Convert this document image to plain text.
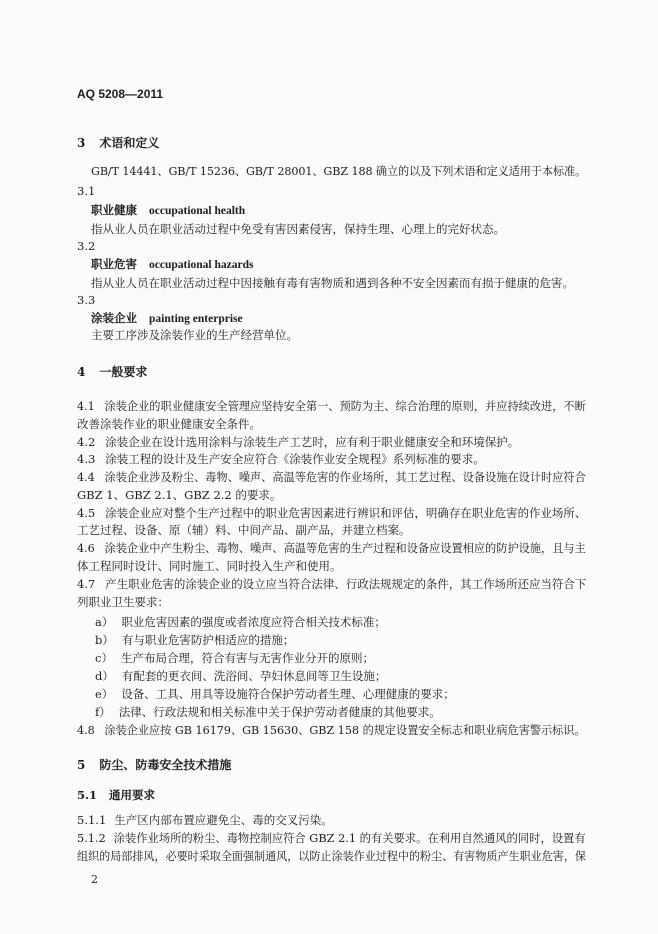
AQ 5208—2011
3 术语和定义
GB/T 14441、GB/T 15236、GB/T 28001、GBZ 188 确立的以及下列术语和定义适用于本标准。
3.1
职业健康 occupational health
指从业人员在职业活动过程中免受有害因素侵害，保持生理、心理上的完好状态。
3.2
职业危害 occupational hazards
指从业人员在职业活动过程中因接触有毒有害物质和遇到各种不安全因素而有损于健康的危害。
3.3
涂装企业 painting enterprise
主要工序涉及涂装作业的生产经营单位。
4 一般要求
4.1 涂装企业的职业健康安全管理应坚持安全第一、预防为主、综合治理的原则，并应持续改进，不断
改善涂装作业的职业健康安全条件。
4.2 涂装企业在设计选用涂料与涂装生产工艺时，应有利于职业健康安全和环境保护。
4.3 涂装工程的设计及生产安全应符合《涂装作业安全规程》系列标准的要求。
4.4 涂装企业涉及粉尘、毒物、噪声、高温等危害的作业场所，其工艺过程、设备设施在设计时应符合
GBZ 1、GBZ 2.1、GBZ 2.2 的要求。
4.5 涂装企业应对整个生产过程中的职业危害因素进行辨识和评估，明确存在职业危害的作业场所、
工艺过程、设备、原（辅）料、中间产品、副产品，并建立档案。
4.6 涂装企业中产生粉尘、毒物、噪声、高温等危害的生产过程和设备应设置相应的防护设施，且与主
体工程同时设计、同时施工、同时投入生产和使用。
4.7 产生职业危害的涂装企业的设立应当符合法律、行政法规规定的条件，其工作场所还应当符合下
列职业卫生要求：
a） 职业危害因素的强度或者浓度应符合相关技术标准；
b） 有与职业危害防护相适应的措施；
c） 生产布局合理，符合有害与无害作业分开的原则；
d） 有配套的更衣间、洗浴间、孕妇休息间等卫生设施；
e） 设备、工具、用具等设施符合保护劳动者生理、心理健康的要求；
f） 法律、行政法规和相关标准中关于保护劳动者健康的其他要求。
4.8 涂装企业应按 GB 16179、GB 15630、GBZ 158 的规定设置安全标志和职业病危害警示标识。
5 防尘、防毒安全技术措施
5.1 通用要求
5.1.1 生产区内部布置应避免尘、毒的交叉污染。
5.1.2 涂装作业场所的粉尘、毒物控制应符合 GBZ 2.1 的有关要求。在利用自然通风的同时，设置有
组织的局部排风，必要时采取全面强制通风，以防止涂装作业过程中的粉尘、有害物质产生职业危害，保
2
